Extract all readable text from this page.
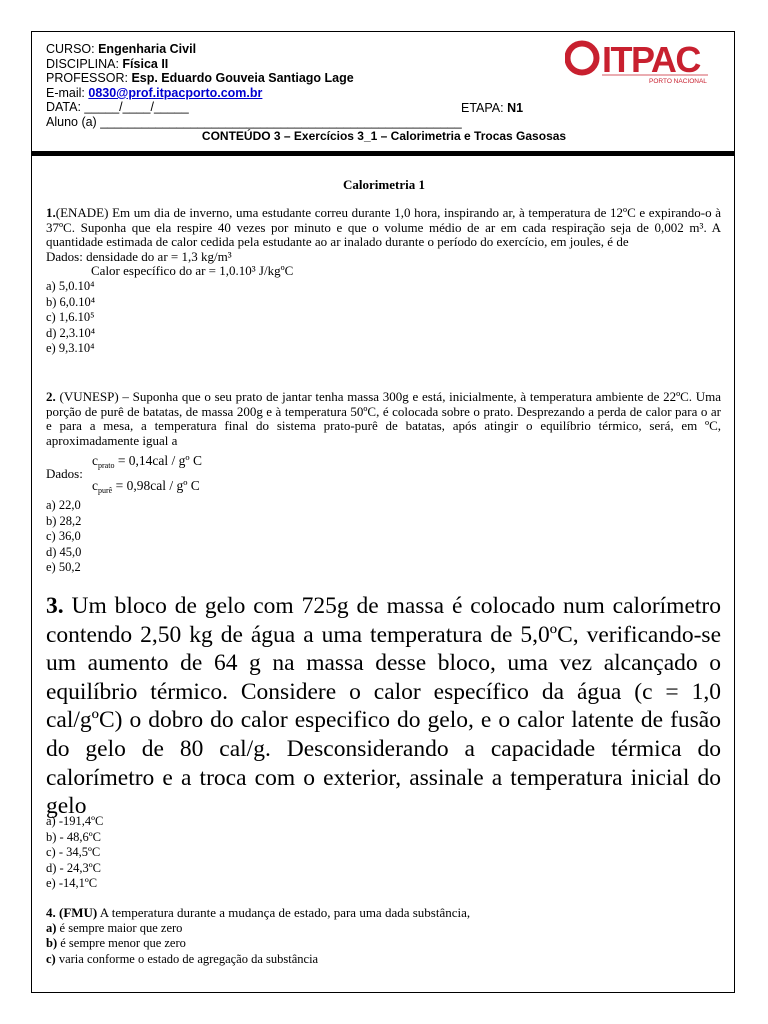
CURSO: Engenharia Civil
DISCIPLINA: Física II
PROFESSOR: Esp. Eduardo Gouveia Santiago Lage
E-mail: 0830@prof.itpacporto.com.br
DATA: _____/____/_____
Aluno (a) ____________________________________________________
ETAPA: N1
CONTEÚDO 3 – Exercícios 3_1 – Calorimetria e Trocas Gasosas
ITPAC
PORTO NACIONAL
Calorimetria 1

1.(ENADE) Em um dia de inverno, uma estudante correu durante 1,0 hora, inspirando ar, à temperatura de 12ºC e expirando-o à 37ºC. Suponha que ela respire 40 vezes por minuto e que o volume médio de ar em cada respiração seja de 0,002 m³. A quantidade estimada de calor cedida pela estudante ao ar inalado durante o período do exercício, em joules, é de

Dados: densidade do ar = 1,3 kg/m³
Calor específico do ar = 1,0.10³ J/kgºC
a) 5,0.10⁴
b) 6,0.10⁴
c) 1,6.10⁵
d) 2,3.10⁴
e) 9,3.10⁴

2. (VUNESP) – Suponha que o seu prato de jantar tenha massa 300g e está, inicialmente, à temperatura ambiente de 22ºC. Uma porção de purê de batatas, de massa 200g e à temperatura 50ºC, é colocada sobre o prato. Desprezando a perda de calor para o ar e para a mesa, a temperatura final do sistema prato-purê de batatas, após atingir o equilíbrio térmico, será, em ºC, aproximadamente igual a

$c_{prato} = 0,14cal$ / gº C
Dados:
$c_{purê} = 0,98cal$ / gº C
a) 22,0
b) 28,2
c) 36,0
d) 45,0
e) 50,2
3. Um bloco de gelo com 725g de massa é colocado num calorímetro contendo 2,50 kg de água a uma temperatura de 5,0ºC, verificando-se um aumento de 64 g na massa desse bloco, uma vez alcançado o equilíbrio térmico. Considere o calor específico da água (c = 1,0 cal/gºC) o dobro do calor especifico do gelo, e o calor latente de fusão do gelo de 80 cal/g. Desconsiderando a capacidade térmica do calorímetro e a troca com o exterior, assinale a temperatura inicial do gelo
a) -191,4ºC
b) - 48,6ºC
c) - 34,5ºC
d) - 24,3ºC
e) -14,1ºC

4. (FMU) A temperatura durante a mudança de estado, para uma dada substância,

a) é sempre maior que zero
b) é sempre menor que zero
c) varia conforme o estado de agregação da substância
